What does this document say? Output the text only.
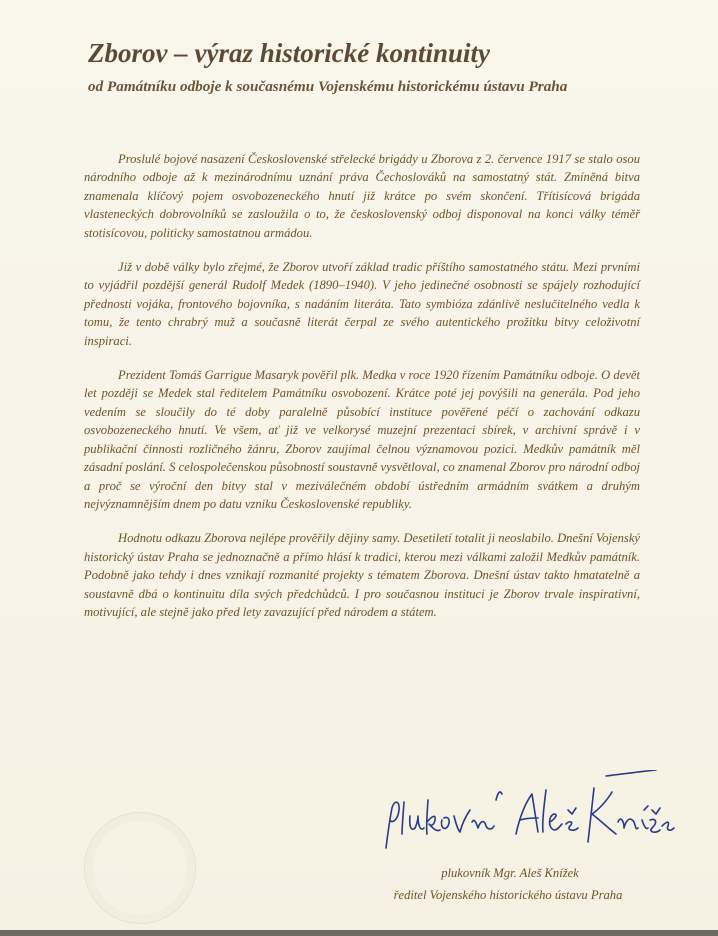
Zborov – výraz historické kontinuity
od Památníku odboje k současnému Vojenskému historickému ústavu Praha

Proslulé bojové nasazení Československé střelecké brigády u Zborova z 2. července 1917 se stalo osou národního odboje až k mezinárodnímu uznání práva Čechoslováků na samostatný stát. Zmíněná bitva znamenala klíčový pojem osvobozeneckého hnutí již krátce po svém skončení. Třítisícová brigáda vlasteneckých dobrovolníků se zasloužila o to, že československý odboj disponoval na konci války téměř stotisícovou, politicky samostatnou armádou.

Již v době války bylo zřejmé, že Zborov utvoří základ tradic příštího samostatného státu. Mezi prvními to vyjádřil pozdější generál Rudolf Medek (1890–1940). V jeho jedinečné osobnosti se spájely rozhodující přednosti vojáka, frontového bojovníka, s nadáním literáta. Tato symbióza zdánlivě neslučitelného vedla k tomu, že tento chrabrý muž a současně literát čerpal ze svého autentického prožitku bitvy celoživotní inspiraci.

Prezident Tomáš Garrigue Masaryk pověřil plk. Medka v roce 1920 řízením Památníku odboje. O devět let později se Medek stal ředitelem Památníku osvobození. Krátce poté jej povýšili na generála. Pod jeho vedením se sloučily do té doby paralelně působící instituce pověřené péčí o zachování odkazu osvobozeneckého hnutí. Ve všem, ať již ve velkorysé muzejní prezentaci sbírek, v archivní správě i v publikační činnosti rozličného žánru, Zborov zaujímal čelnou významovou pozici. Medkův památník měl zásadní poslání. S celospolečenskou působností soustavně vysvětloval, co znamenal Zborov pro národní odboj a proč se výroční den bitvy stal v meziválečném období ústředním armádním svátkem a druhým nejvýznamnějším dnem po datu vzniku Československé republiky.

Hodnotu odkazu Zborova nejlépe prověřily dějiny samy. Desetiletí totalit ji neoslabilo. Dnešní Vojenský historický ústav Praha se jednoznačně a přímo hlásí k tradici, kterou mezi válkami založil Medkův památník. Podobně jako tehdy i dnes vznikají rozmanité projekty s tématem Zborova. Dnešní ústav takto hmatatelně a soustavně dbá o kontinuitu díla svých předchůdců. I pro současnou instituci je Zborov trvale inspirativní, motivující, ale stejně jako před lety zavazující před národem a státem.

plukovník Mgr. Aleš Knížek

ředitel Vojenského historického ústavu Praha
